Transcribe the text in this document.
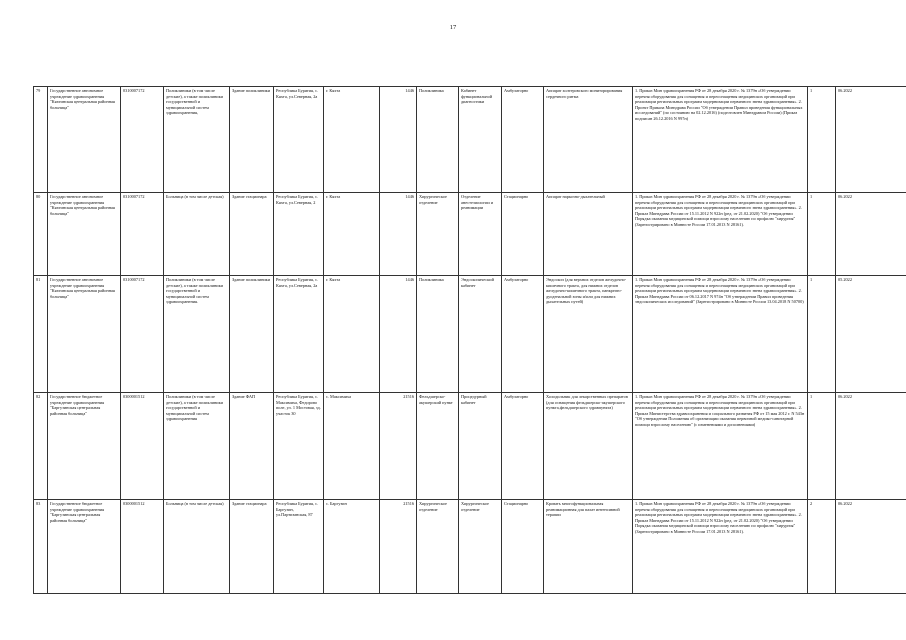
17
79	Государственное автономное учреждение здравоохранения "Кяхтинская центральная районная больница"	0310007172	Поликлиники (в том числе детские), а также поликлиники государственной и муниципальной систем здравоохранения,	Здание поликлиники	Республика Бурятия, с. Кяхта, ул.Северная, 2а	г. Кяхта	1446	Поликлиника	Кабинет функциональной диагностики	Амбулаторно	Аппарат холтеровского мониторирования сердечного ритма	1. Приказ Мин здравоохранения РФ от 28 декабря 2020 г. № 1379н «Об утверждении перечня оборудования для оснащения и переоснащения медицинских организаций при реализации региональных программ модернизации первичного звена здравоохранения». 2. Проект Приказа Минздрава России "Об утверждении Правил проведения функциональных исследований" (по состоянию на 02.12.2016) (подготовлен Минздравом России) (Приказ подписан 26.12.2016 N 997н)	1	06.2022
80	Государственное автономное учреждение здравоохранения "Кяхтинская центральная районная больница"	0310007172	Больница (в том числе детская)	Здание стационара	Республика Бурятия, с. Кяхта, ул.Северная, 2	г. Кяхта	1446	Хирургическое отделение	Отделение анестезиологии и реанимации	Стационарно	Аппарат наркозно-дыхательный	1. Приказ Мин здравоохранения РФ от 28 декабря 2020 г. № 1379н «Об утверждении перечня оборудования для оснащения и переоснащения медицинских организаций при реализации региональных программ модернизации первичного звена здравоохранения». 2. Приказ Минздрава России от 15.11.2012 N 922н (ред. от 21.02.2020) "Об утверждении Порядка оказания медицинской помощи взрослому населению по профилю "хирургия" (Зарегистрировано в Минюсте России 17.01.2013 N 28161).	1	06.2022
81	Государственное автономное учреждение здравоохранения "Кяхтинская центральная районная больница"	0310007172	Поликлиники (в том числе детские), а также поликлиники государственной и муниципальной систем здравоохранения.	Здание поликлиники	Республика Бурятия, с. Кяхта, ул.Северная, 2а	г. Кяхта	1446	Поликлиника	Эндоскопический кабинет	Амбулаторно	Эндоскоп (для верхних отделов желудочно-кишечного тракта, для нижних отделов желудочно-кишечного тракта, панкреато-дуоденальной зоны и/или для нижних дыхательных путей)	1. Приказ Мин здравоохранения РФ от 28 декабря 2020 г. № 1379н «Об утверждении перечня оборудования для оснащения и переоснащения медицинских организаций при реализации региональных программ модернизации первичного звена здравоохранения». 2. Приказ Минздрава России от 06.12.2017 N 974н "Об утверждении Правил проведения эндоскопических исследований" (Зарегистрировано в Минюсте России 13.04.2018 N 50700)	1	05.2022
82	Государственное бюджетное учреждение здравоохранения "Баргузинская центральная районная больница"	0300001512	Поликлиники (в том числе детские), а также поликлиники государственной и муниципальной систем здравоохранения	Здание ФАП	Республика Бурятия, с. Максимиха, Федорово поле, ул. 1 Мостовая, зд. участок 30	с. Максимиха	21516	Фельдшерско-акушерский пункт	Процедурный кабинет	Амбулаторно	Холодильник для лекарственных препаратов (для оснащения фельдшерско-акушерского пункта,фельдшерского здравпункта)	1. Приказ Мин здравоохранения РФ от 28 декабря 2020 г. № 1379н «Об утверждении перечня оборудования для оснащения и переоснащения медицинских организаций при реализации региональных программ модернизации первичного звена здравоохранения». 2. Приказ Министерства здравоохранения и социального развития РФ от 15 мая 2012 г. N 543н "Об утверждении Положения об организации оказания первичной медико-санитарной помощи взрослому населению" (с изменениями и дополнениями)	1	06.2022
83	Государственное бюджетное учреждение здравоохранения "Баргузинская центральная районная больница"	0300001512	Больница (в том числе детская)	Здание стационара	Республика Бурятия, с. Баргузин, ул.Партизанская, 87	с. Баргузин	21516	Хирургическое отделение	Хирургическое отделение	Стационарно	Кровать многофункциональная реанимационная для палат интенсивной терапии	1. Приказ Мин здравоохранения РФ от 28 декабря 2020 г. № 1379н «Об утверждении перечня оборудования для оснащения и переоснащения медицинских организаций при реализации региональных программ модернизации первичного звена здравоохранения». 2. Приказ Минздрава России от 15.11.2012 N 922н (ред. от 21.02.2020) "Об утверждении Порядка оказания медицинской помощи взрослому населению по профилю "хирургия" (Зарегистрировано в Минюсте России 17.01.2013 N 28161).	2	06.2022
